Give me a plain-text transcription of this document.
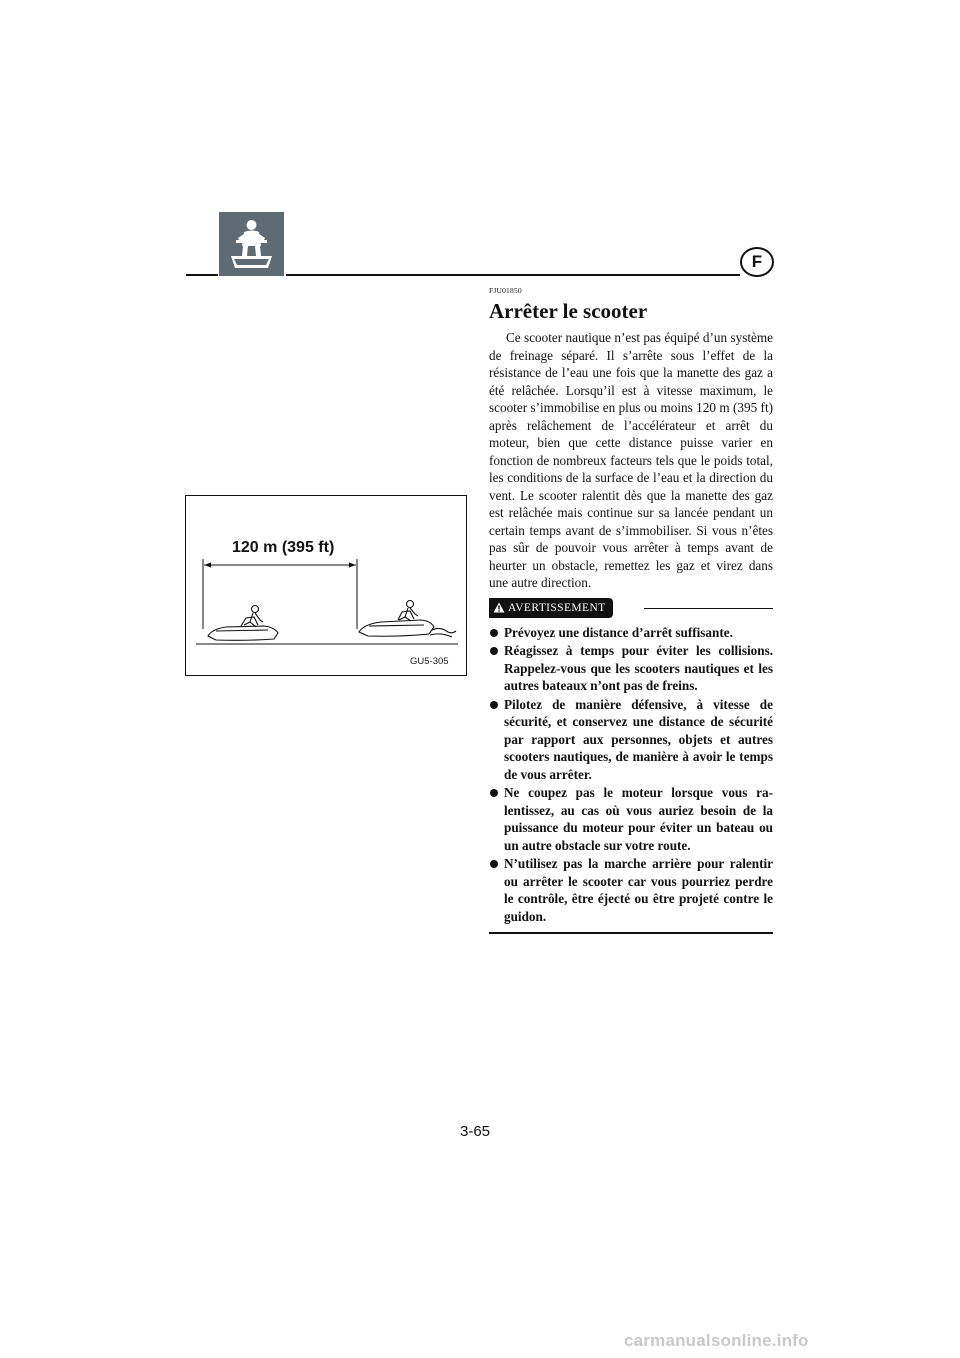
F

FJU01850

Arrêter le scooter

Ce scooter nautique n’est pas équipé d’un système de freinage séparé. Il s’arrête sous l’effet de la résistance de l’eau une fois que la manette des gaz a été relâchée. Lorsqu’il est à vitesse maximum, le scooter s’immobilise en plus ou moins 120 m (395 ft) après relâchement de l’accélérateur et arrêt du moteur, bien que cette distance puisse varier en fonction de nombreux facteurs tels que le poids total, les conditions de la surface de l’eau et la direction du vent. Le scooter ralentit dès que la manette des gaz est relâchée mais continue sur sa lancée pendant un certain temps avant de s’immobiliser. Si vous n’êtes pas sûr de pouvoir vous arrêter à temps avant de heurter un obstacle, remettez les gaz et virez dans une autre direction.

AVERTISSEMENT
Prévoyez une distance d’arrêt suffisante.
Réagissez à temps pour éviter les collisions. Rappelez-vous que les scooters nautiques et les autres bateaux n’ont pas de freins.
Pilotez de manière défensive, à vitesse de sécurité, et conservez une distance de sécurité par rapport aux personnes, objets et autres scooters nautiques, de manière à avoir le temps de vous arrêter.
Ne coupez pas le moteur lorsque vous ralentissez, au cas où vous auriez besoin de la puissance du moteur pour éviter un bateau ou un autre obstacle sur votre route.
N’utilisez pas la marche arrière pour ralentir ou arrêter le scooter car vous pourriez perdre le contrôle, être éjecté ou être projeté contre le guidon.
120 m (395 ft)
GU5-305
3-65
carmanualsonline.info
